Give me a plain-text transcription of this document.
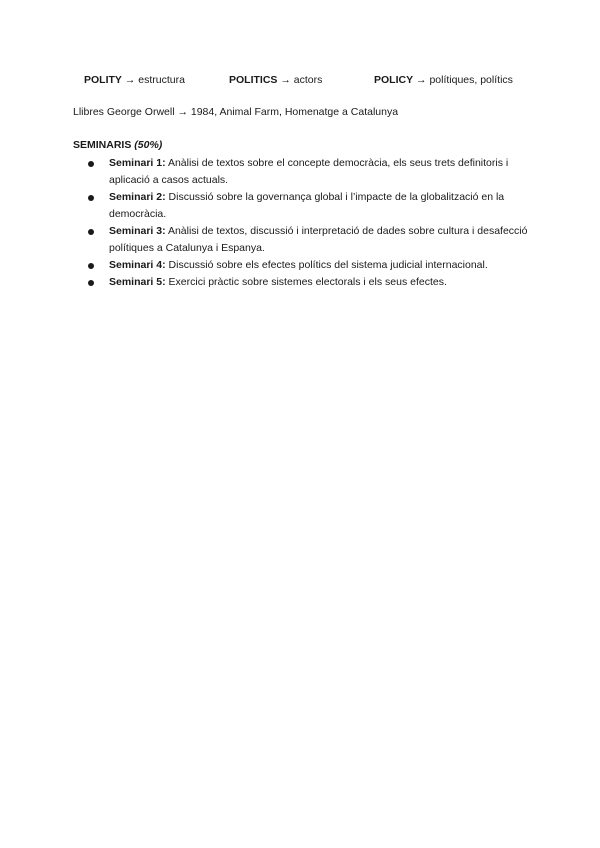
POLITY → estructura	POLITICS → actors	POLICY → polítiques, polítics
Llibres George Orwell → 1984, Animal Farm, Homenatge a Catalunya
SEMINARIS (50%)
Seminari 1: Anàlisi de textos sobre el concepte democràcia, els seus trets definitoris i aplicació a casos actuals.
Seminari 2: Discussió sobre la governança global i l’impacte de la globalització en la democràcia.
Seminari 3: Anàlisi de textos, discussió i interpretació de dades sobre cultura i desafecció polítiques a Catalunya i Espanya.
Seminari 4: Discussió sobre els efectes polítics del sistema judicial internacional.
Seminari 5: Exercici pràctic sobre sistemes electorals i els seus efectes.
